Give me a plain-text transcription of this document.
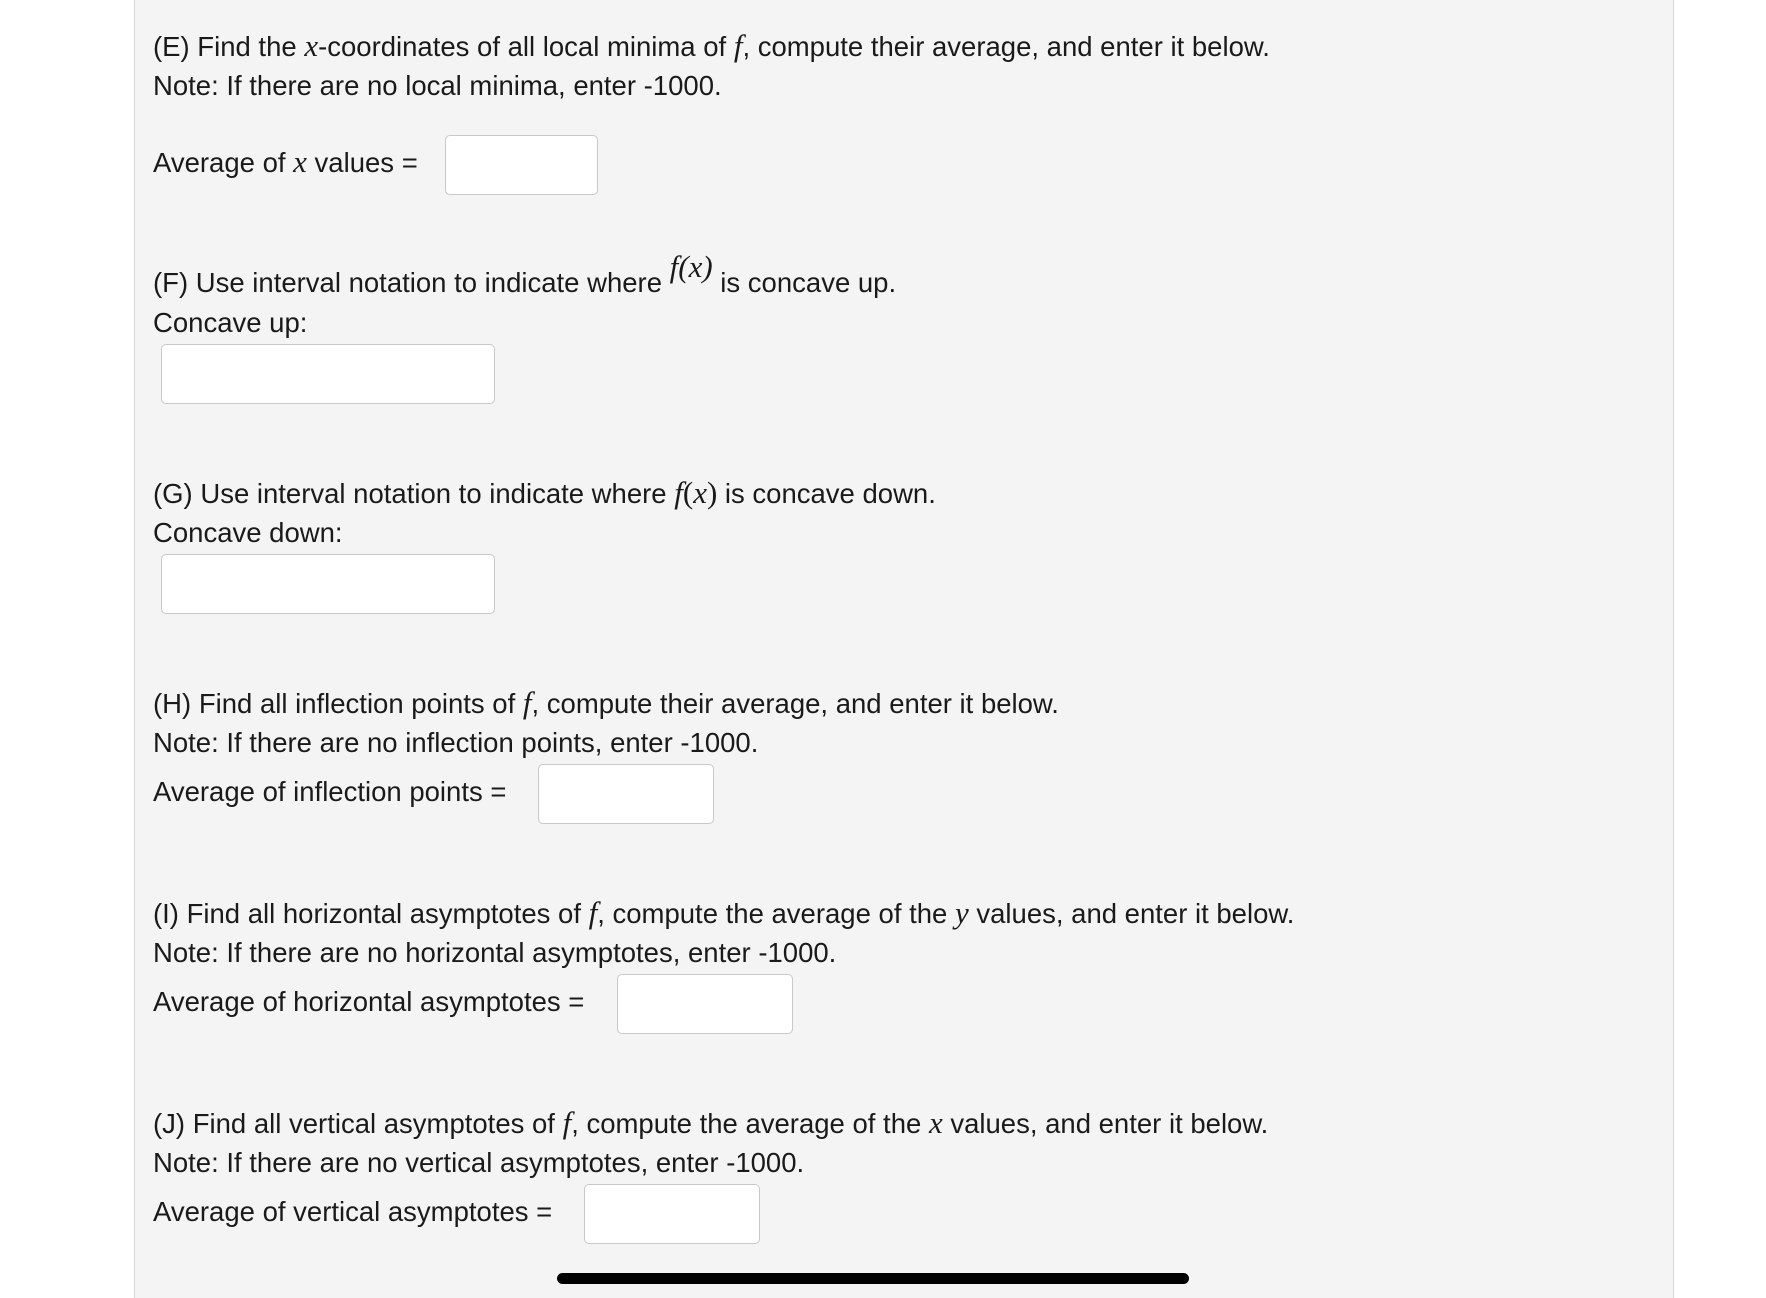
(E) Find the x-coordinates of all local minima of f, compute their average, and enter it below.
Note: If there are no local minima, enter -1000.
Average of x values =
(F) Use interval notation to indicate where f(x) is concave up.
Concave up:
(G) Use interval notation to indicate where f(x) is concave down.
Concave down:
(H) Find all inflection points of f, compute their average, and enter it below.
Note: If there are no inflection points, enter -1000.
Average of inflection points =
(I) Find all horizontal asymptotes of f, compute the average of the y values, and enter it below.
Note: If there are no horizontal asymptotes, enter -1000.
Average of horizontal asymptotes =
(J) Find all vertical asymptotes of f, compute the average of the x values, and enter it below.
Note: If there are no vertical asymptotes, enter -1000.
Average of vertical asymptotes =
